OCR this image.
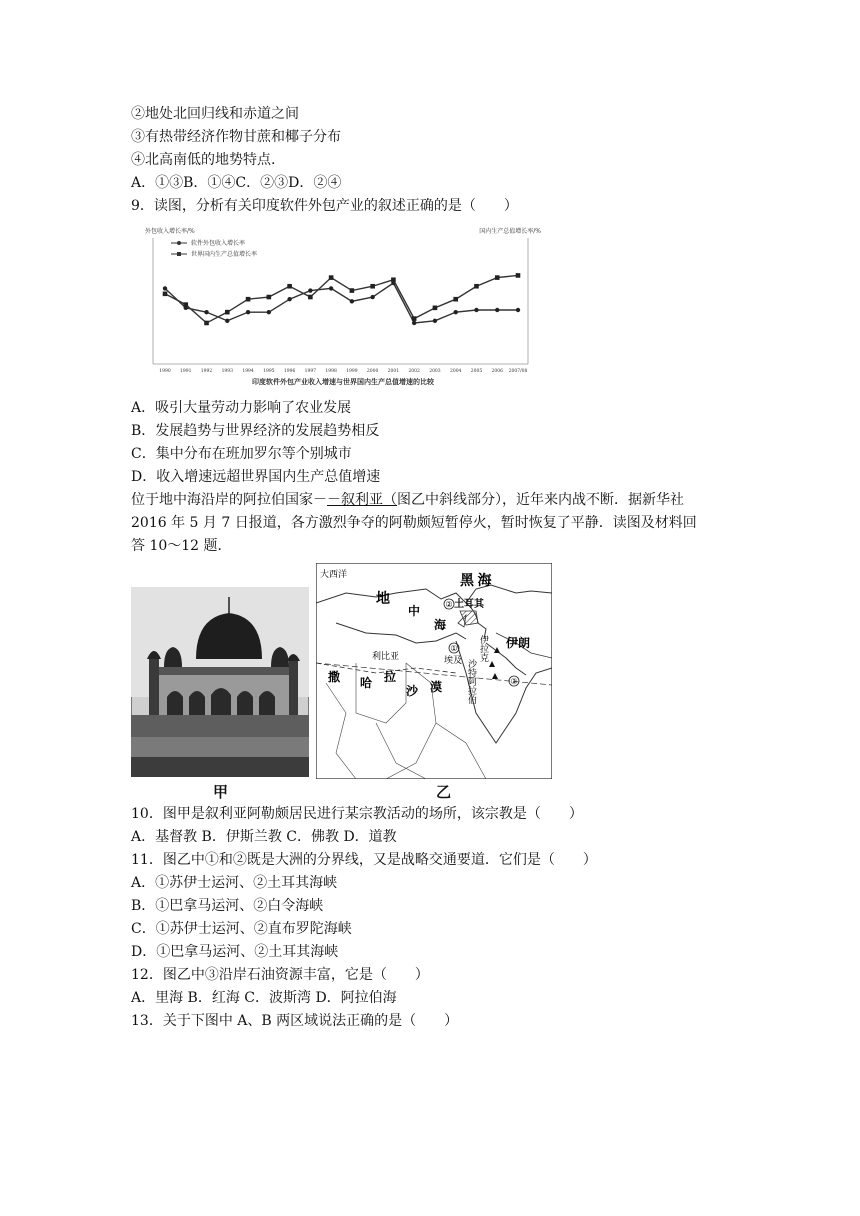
②地处北回归线和赤道之间
③有热带经济作物甘蔗和椰子分布
④北高南低的地势特点.
A．①③B．①④C．②③D．②④
9．读图，分析有关印度软件外包产业的叙述正确的是（　　）
外包收入增长率/%	国内生产总值增长率/%
软件外包收入增长率
世界国内生产总值增长率
1990 1991 1992 1993 1994 1995 1996 1997 1998 1999 2000 2001 2002 2003 2004 2005 2006 2007/08
印度软件外包产业收入增速与世界国内生产总值增速的比较
A．吸引大量劳动力影响了农业发展
B．发展趋势与世界经济的发展趋势相反
C．集中分布在班加罗尔等个别城市
D．收入增速远超世界国内生产总值增速
位于地中海沿岸的阿拉伯国家－－叙利亚（图乙中斜线部分），近年来内战不断．据新华社
2016 年 5 月 7 日报道，各方激烈争夺的阿勒颇短暂停火，暂时恢复了平静．读图及材料回
答 10～12 题．
甲
①
②
③
大西洋	黑 海
地
中
海
土耳其
利比亚	埃及 伊拉克 伊朗
沙特阿拉伯
撒 哈 拉
沙 漠
乙
10．图甲是叙利亚阿勒颇居民进行某宗教活动的场所，该宗教是（　　）
A．基督教 B．伊斯兰教 C．佛教 D．道教
11．图乙中①和②既是大洲的分界线，又是战略交通要道．它们是（　　）
A．①苏伊士运河、②土耳其海峡
B．①巴拿马运河、②白令海峡
C．①苏伊士运河、②直布罗陀海峡
D．①巴拿马运河、②土耳其海峡
12．图乙中③沿岸石油资源丰富，它是（　　）
A．里海 B．红海 C．波斯湾 D．阿拉伯海
13．关于下图中 A、B 两区域说法正确的是（　　）
